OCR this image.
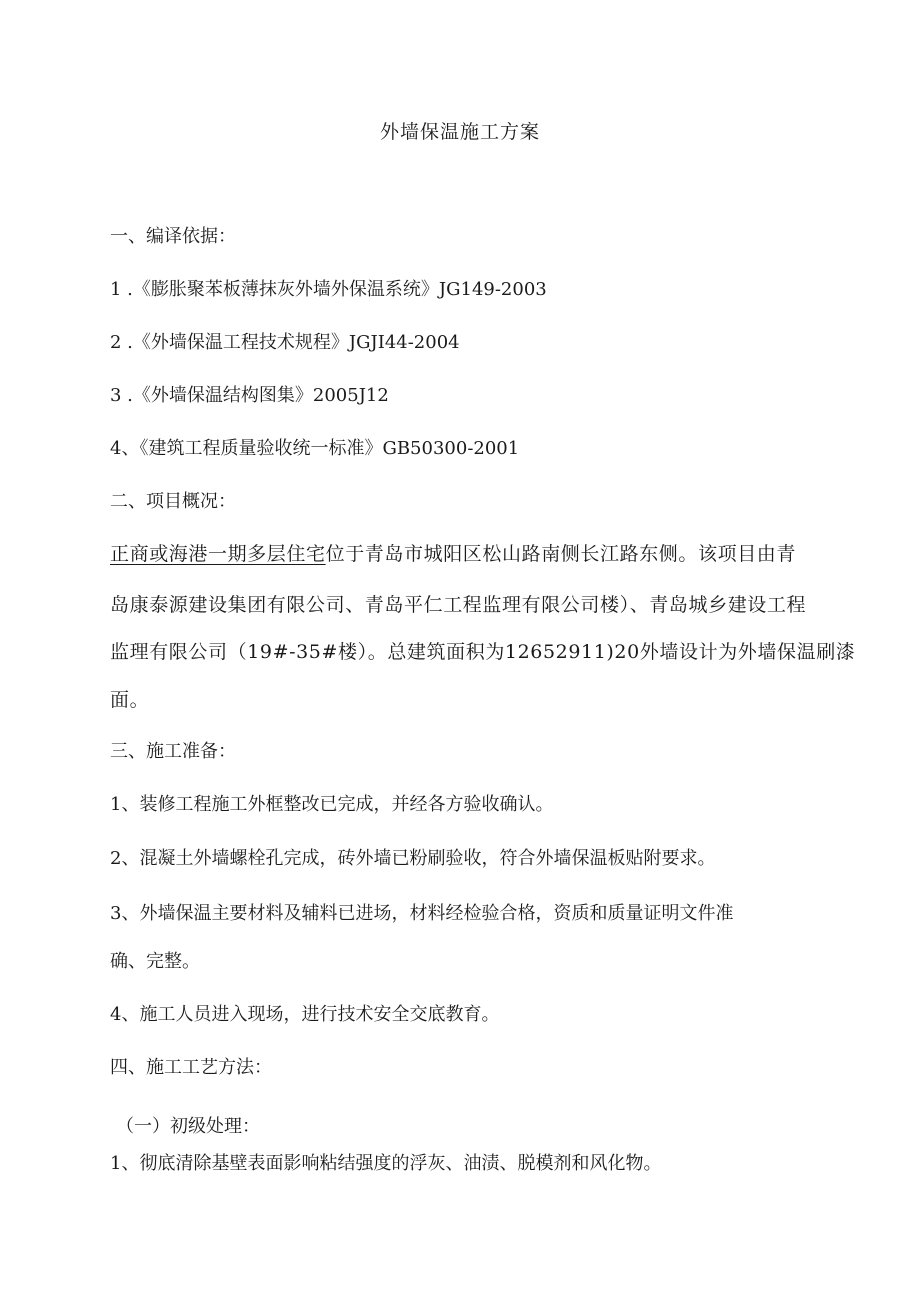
外墙保温施工方案
一、编译依据：
1 .《膨胀聚苯板薄抹灰外墙外保温系统》JG149-2003
2 .《外墙保温工程技术规程》JGJI44-2004
3 .《外墙保温结构图集》2005J12
4、《建筑工程质量验收统一标准》GB50300-2001
二、项目概况：
正商或海港一期多层住宅位于青岛市城阳区松山路南侧长江路东侧。该项目由青
岛康泰源建设集团有限公司、青岛平仁工程监理有限公司楼）、青岛城乡建设工程
监理有限公司（19#-35#楼）。总建筑面积为12652911)20外墙设计为外墙保温刷漆
面。
三、施工准备：
1、装修工程施工外框整改已完成，并经各方验收确认。
2、混凝土外墙螺栓孔完成，砖外墙已粉刷验收，符合外墙保温板贴附要求。
3、外墙保温主要材料及辅料已进场，材料经检验合格，资质和质量证明文件准
确、完整。
4、施工人员进入现场，进行技术安全交底教育。
四、施工工艺方法：
（一）初级处理：
1、彻底清除基壁表面影响粘结强度的浮灰、油渍、脱模剂和风化物。
